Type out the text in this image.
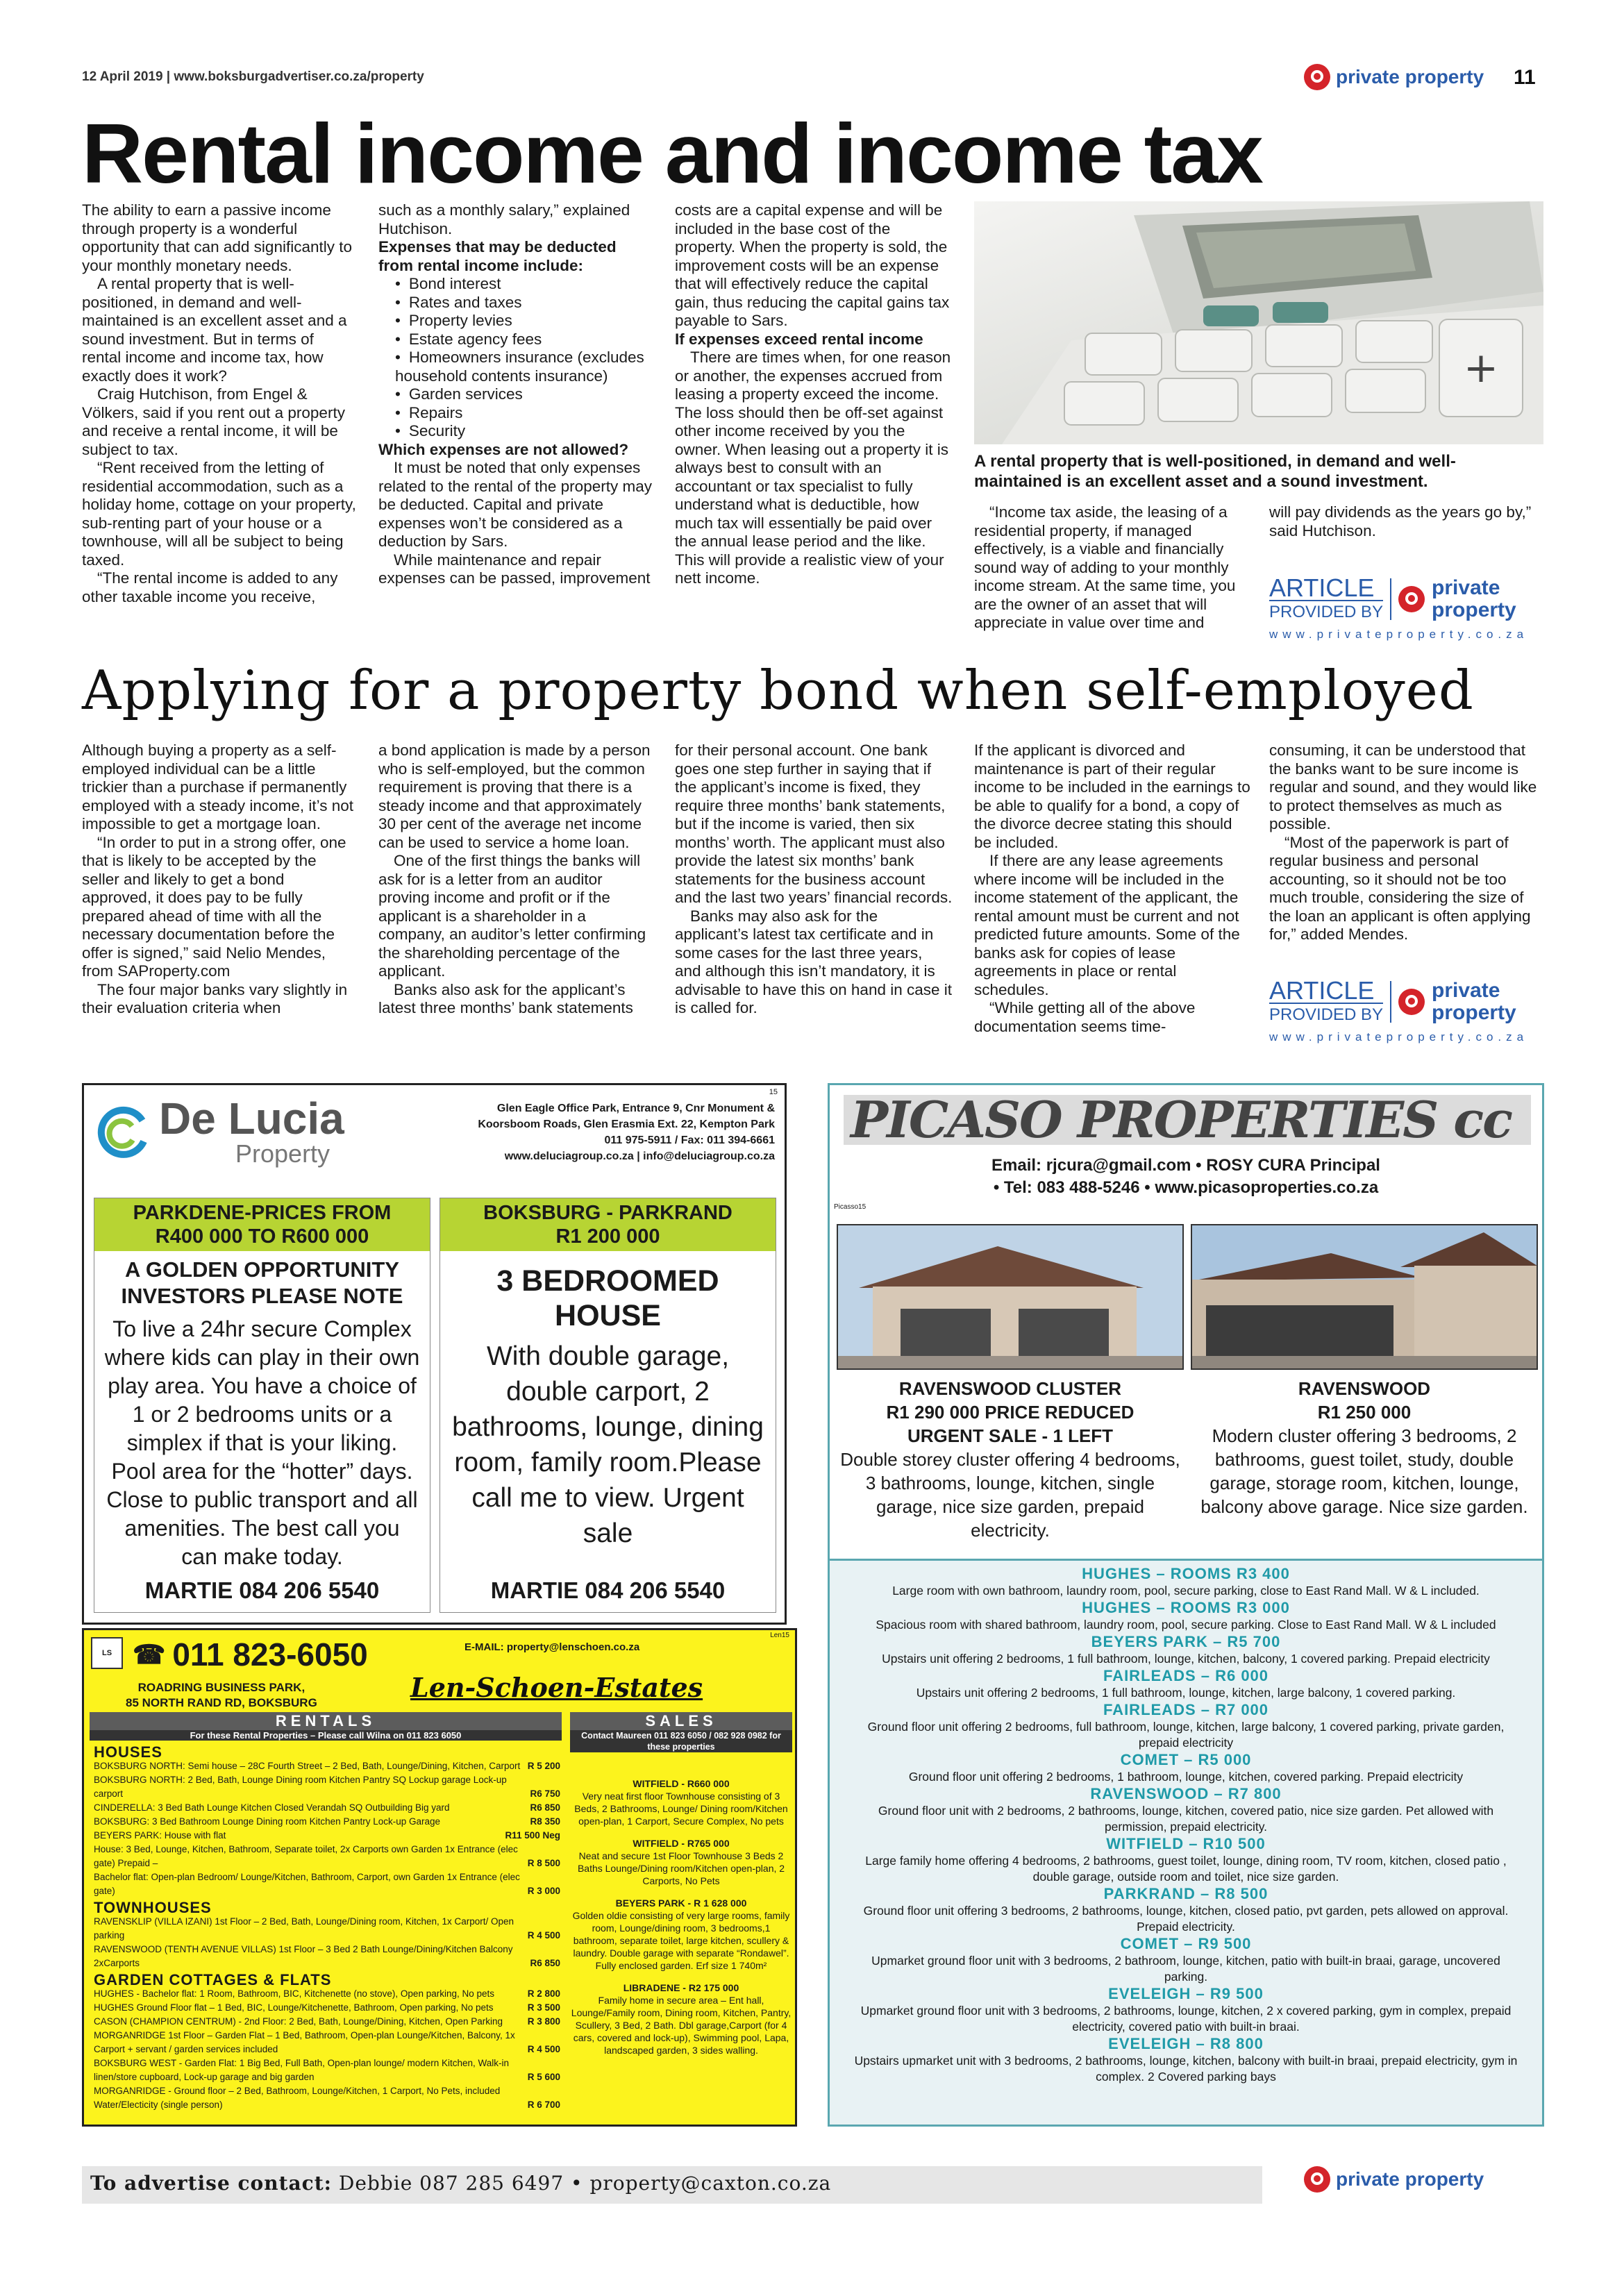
12 April 2019 | www.boksburgadvertiser.co.za/property	private property 11
Rental income and income tax

The ability to earn a passive income through property is a wonderful opportunity that can add significantly to your monthly monetary needs.

A rental property that is well-positioned, in demand and well-maintained is an excellent asset and a sound investment. But in terms of rental income and income tax, how exactly does it work?

Craig Hutchison, from Engel & Völkers, said if you rent out a property and receive a rental income, it will be subject to tax.

“Rent received from the letting of residential accommodation, such as a holiday home, cottage on your property, sub-renting part of your house or a townhouse, will all be subject to being taxed.

“The rental income is added to any other taxable income you receive,

such as a monthly salary,” explained Hutchison.

Expenses that may be deducted from rental income include:

• Bond interest
• Rates and taxes
• Property levies
• Estate agency fees
• Homeowners insurance (excludes household contents insurance)
• Garden services
• Repairs
• Security

Which expenses are not allowed?

It must be noted that only expenses related to the rental of the property may be deducted. Capital and private expenses won’t be considered as a deduction by Sars.

While maintenance and repair expenses can be passed, improvement

costs are a capital expense and will be included in the base cost of the property. When the property is sold, the improvement costs will be an expense that will effectively reduce the capital gain, thus reducing the capital gains tax payable to Sars.

If expenses exceed rental income

There are times when, for one reason or another, the expenses accrued from leasing a property exceed the income. The loss should then be off-set against other income received by you the owner. When leasing out a property it is always best to consult with an accountant or tax specialist to fully understand what is deductible, how much tax will essentially be paid over the annual lease period and the like. This will provide a realistic view of your nett income.

+
A rental property that is well-positioned, in demand and well-maintained is an excellent asset and a sound investment.

“Income tax aside, the leasing of a residential property, if managed effectively, is a viable and financially sound way of adding to your monthly income stream. At the same time, you are the owner of an asset that will appreciate in value over time and

will pay dividends as the years go by,” said Hutchison.

ARTICLE
PROVIDED BY
private
property
www.privateproperty.co.za
Applying for a property bond when self-employed

Although buying a property as a self-employed individual can be a little trickier than a purchase if permanently employed with a steady income, it’s not impossible to get a mortgage loan.

“In order to put in a strong offer, one that is likely to be accepted by the seller and likely to get a bond approved, it does pay to be fully prepared ahead of time with all the necessary documentation before the offer is signed,” said Nelio Mendes, from SAProperty.com

The four major banks vary slightly in their evaluation criteria when

a bond application is made by a person who is self-employed, but the common requirement is proving that there is a steady income and that approximately 30 per cent of the average net income can be used to service a home loan.

One of the first things the banks will ask for is a letter from an auditor proving income and profit or if the applicant is a shareholder in a company, an auditor’s letter confirming the shareholding percentage of the applicant.

Banks also ask for the applicant’s latest three months’ bank statements

for their personal account. One bank goes one step further in saying that if the applicant’s income is fixed, they require three months’ bank statements, but if the income is varied, then six months’ worth. The applicant must also provide the latest six months’ bank statements for the business account and the last two years’ financial records.

Banks may also ask for the applicant’s latest tax certificate and in some cases for the last three years, and although this isn’t mandatory, it is advisable to have this on hand in case it is called for.

If the applicant is divorced and maintenance is part of their regular income to be included in the earnings to be able to qualify for a bond, a copy of the divorce decree stating this should be included.

If there are any lease agreements where income will be included in the income statement of the applicant, the rental amount must be current and not predicted future amounts. Some of the banks ask for copies of lease agreements in place or rental schedules.

“While getting all of the above documentation seems time-

consuming, it can be understood that the banks want to be sure income is regular and sound, and they would like to protect themselves as much as possible.

“Most of the paperwork is part of regular business and personal accounting, so it should not be too much trouble, considering the size of the loan an applicant is often applying for,” added Mendes.

ARTICLE
PROVIDED BY
private
property
www.privateproperty.co.za
15
De Lucia
Property
Glen Eagle Office Park, Entrance 9, Cnr Monument &
Koorsboom Roads, Glen Erasmia Ext. 22, Kempton Park
011 975-5911 / Fax: 011 394-6661
www.deluciagroup.co.za | info@deluciagroup.co.za
PARKDENE-PRICES FROM
R400 000 TO R600 000
A GOLDEN OPPORTUNITY
INVESTORS PLEASE NOTE
To live a 24hr secure Complex where kids can play in their own play area. You have a choice of 1 or 2 bedrooms units or a simplex if that is your liking. Pool area for the “hotter” days. Close to public transport and all amenities. The best call you can make today.
MARTIE 084 206 5540
BOKSBURG - PARKRAND
R1 200 000
3 BEDROOMED
HOUSE
With double garage, double carport, 2 bathrooms, lounge, dining room, family room.Please call me to view. Urgent sale
MARTIE 084 206 5540
PICASO PROPERTIES cc
Picasso15
Email: rjcura@gmail.com • ROSY CURA Principal
• Tel: 083 488-5246 • www.picasoproperties.co.za
RAVENSWOOD CLUSTER
R1 290 000 PRICE REDUCED
URGENT SALE - 1 LEFT
Double storey cluster offering 4 bedrooms, 3 bathrooms, lounge, kitchen, single garage, nice size garden, prepaid electricity.
RAVENSWOOD
R1 250 000
Modern cluster offering 3 bedrooms, 2 bathrooms, guest toilet, study, double garage, storage room, kitchen, lounge, balcony above garage. Nice size garden.
HUGHES – ROOMS R3 400
Large room with own bathroom, laundry room, pool, secure parking, close to East Rand Mall. W & L included.
HUGHES – ROOMS R3 000
Spacious room with shared bathroom, laundry room, pool, secure parking. Close to East Rand Mall. W & L included
BEYERS PARK – R5 700
Upstairs unit offering 2 bedrooms, 1 full bathroom, lounge, kitchen, balcony, 1 covered parking. Prepaid electricity
FAIRLEADS – R6 000
Upstairs unit offering 2 bedrooms, 1 full bathroom, lounge, kitchen, large balcony, 1 covered parking.
FAIRLEADS – R7 000
Ground floor unit offering 2 bedrooms, full bathroom, lounge, kitchen, large balcony, 1 covered parking, private garden, prepaid electricity
COMET – R5 000
Ground floor unit offering 2 bedrooms, 1 bathroom, lounge, kitchen, covered parking. Prepaid electricity
RAVENSWOOD – R7 800
Ground floor unit with 2 bedrooms, 2 bathrooms, lounge, kitchen, covered patio, nice size garden. Pet allowed with permission, prepaid electricity.
WITFIELD – R10 500
Large family home offering 4 bedrooms, 2 bathrooms, guest toilet, lounge, dining room, TV room, kitchen, closed patio , double garage, outside room and toilet, nice size garden.
PARKRAND – R8 500
Ground floor unit offering 3 bedrooms, 2 bathrooms, lounge, kitchen, closed patio, pvt garden, pets allowed on approval. Prepaid electricity.
COMET – R9 500
Upmarket ground floor unit with 3 bedrooms, 2 bathroom, lounge, kitchen, patio with built-in braai, garage, uncovered parking.
EVELEIGH – R9 500
Upmarket ground floor unit with 3 bedrooms, 2 bathrooms, lounge, kitchen, 2 x covered parking, gym in complex, prepaid electricity, covered patio with built-in braai.
EVELEIGH – R8 800
Upstairs upmarket unit with 3 bedrooms, 2 bathrooms, lounge, kitchen, balcony with built-in braai, prepaid electricity, gym in complex. 2 Covered parking bays
Len15
LS ☎ 011 823-6050	E-MAIL: property@lenschoen.co.za
ROADRING BUSINESS PARK,
85 NORTH RAND RD, BOKSBURG	Len-Schoen-Estates
RENTALS
For these Rental Properties – Please call Wilna on 011 823 6050
SALES
Contact Maureen 011 823 6050 / 082 928 0982 for these properties
HOUSES
BOKSBURG NORTH: Semi house – 28C Fourth Street – 2 Bed, Bath, Lounge/Dining, Kitchen, Carport R 5 200
BOKSBURG NORTH: 2 Bed, Bath, Lounge Dining room Kitchen Pantry SQ Lockup garage Lock-up carport	R6 750
CINDERELLA: 3 Bed Bath Lounge Kitchen Closed Verandah SQ Outbuilding Big yard	R6 850
BOKSBURG: 3 Bed Bathroom Lounge Dining room Kitchen Pantry Lock-up Garage	R8 350
BEYERS PARK: House with flat	R11 500 Neg
House: 3 Bed, Lounge, Kitchen, Bathroom, Separate toilet, 2x Carports own Garden 1x Entrance (elec gate) Prepaid –	R 8 500
Bachelor flat: Open-plan Bedroom/ Lounge/Kitchen, Bathroom, Carport, own Garden 1x Entrance (elec gate)	R 3 000
TOWNHOUSES
RAVENSKLIP (VILLA IZANI) 1st Floor – 2 Bed, Bath, Lounge/Dining room, Kitchen, 1x Carport/ Open parking	R 4 500
RAVENSWOOD (TENTH AVENUE VILLAS) 1st Floor – 3 Bed 2 Bath Lounge/Dining/Kitchen Balcony 2xCarports	R6 850
GARDEN COTTAGES & FLATS
HUGHES - Bachelor flat: 1 Room, Bathroom, BIC, Kitchenette (no stove), Open parking, No pets	R 2 800
HUGHES Ground Floor flat – 1 Bed, BIC, Lounge/Kitchenette, Bathroom, Open parking, No pets	R 3 500
CASON (CHAMPION CENTRUM) - 2nd Floor: 2 Bed, Bath, Lounge/Dining, Kitchen, Open Parking	R 3 800
MORGANRIDGE 1st Floor – Garden Flat – 1 Bed, Bathroom, Open-plan Lounge/Kitchen, Balcony, 1x Carport + servant / garden services included	R 4 500
BOKSBURG WEST - Garden Flat: 1 Big Bed, Full Bath, Open-plan lounge/ modern Kitchen, Walk-in linen/store cupboard, Lock-up garage and big garden	R 5 600
MORGANRIDGE - Ground floor – 2 Bed, Bathroom, Lounge/Kitchen, 1 Carport, No Pets, included Water/Electicity (single person)	R 6 700
WITFIELD - R660 000
Very neat first floor Townhouse consisting of 3 Beds, 2 Bathrooms, Lounge/ Dining room/Kitchen open-plan, 1 Carport, Secure Complex, No pets
WITFIELD - R765 000
Neat and secure 1st Floor Townhouse 3 Beds 2 Baths Lounge/Dining room/Kitchen open-plan, 2 Carports, No Pets
BEYERS PARK - R 1 628 000
Golden oldie consisting of very large rooms, family room, Lounge/dining room, 3 bedrooms,1 bathroom, separate toilet, large kitchen, scullery & laundry. Double garage with separate “Rondawel”. Fully enclosed garden. Erf size 1 740m²
LIBRADENE - R2 175 000
Family home in secure area – Ent hall, Lounge/Family room, Dining room, Kitchen, Pantry, Scullery, 3 Bed, 2 Bath. Dbl garage,Carport (for 4 cars, covered and lock-up), Swimming pool, Lapa, landscaped garden, 3 sides walling.
To advertise contact: Debbie 087 285 6497 • property@caxton.co.za	private property
